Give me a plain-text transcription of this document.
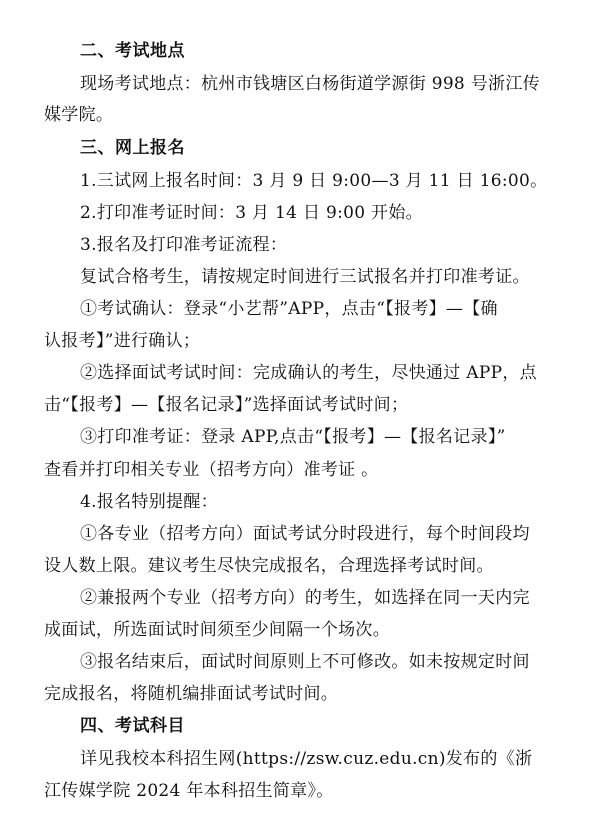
二、考试地点
现场考试地点：杭州市钱塘区白杨街道学源街 998 号浙江传
媒学院。
三、网上报名
1.三试网上报名时间：3 月 9 日 9:00—3 月 11 日 16:00。
2.打印准考证时间：3 月 14 日 9:00 开始。
3.报名及打印准考证流程：
复试合格考生，请按规定时间进行三试报名并打印准考证。
①考试确认：登录“小艺帮”APP，点击“【报考】—【确
认报考】”进行确认；
②选择面试考试时间：完成确认的考生，尽快通过 APP，点
击“【报考】—【报名记录】”选择面试考试时间；
③打印准考证：登录 APP,点击“【报考】—【报名记录】”
查看并打印相关专业（招考方向）准考证 。
4.报名特别提醒：
①各专业（招考方向）面试考试分时段进行，每个时间段均
设人数上限。建议考生尽快完成报名，合理选择考试时间。
②兼报两个专业（招考方向）的考生，如选择在同一天内完
成面试，所选面试时间须至少间隔一个场次。
③报名结束后，面试时间原则上不可修改。如未按规定时间
完成报名，将随机编排面试考试时间。
四、考试科目
详见我校本科招生网(https://zsw.cuz.edu.cn)发布的《浙
江传媒学院 2024 年本科招生简章》。
